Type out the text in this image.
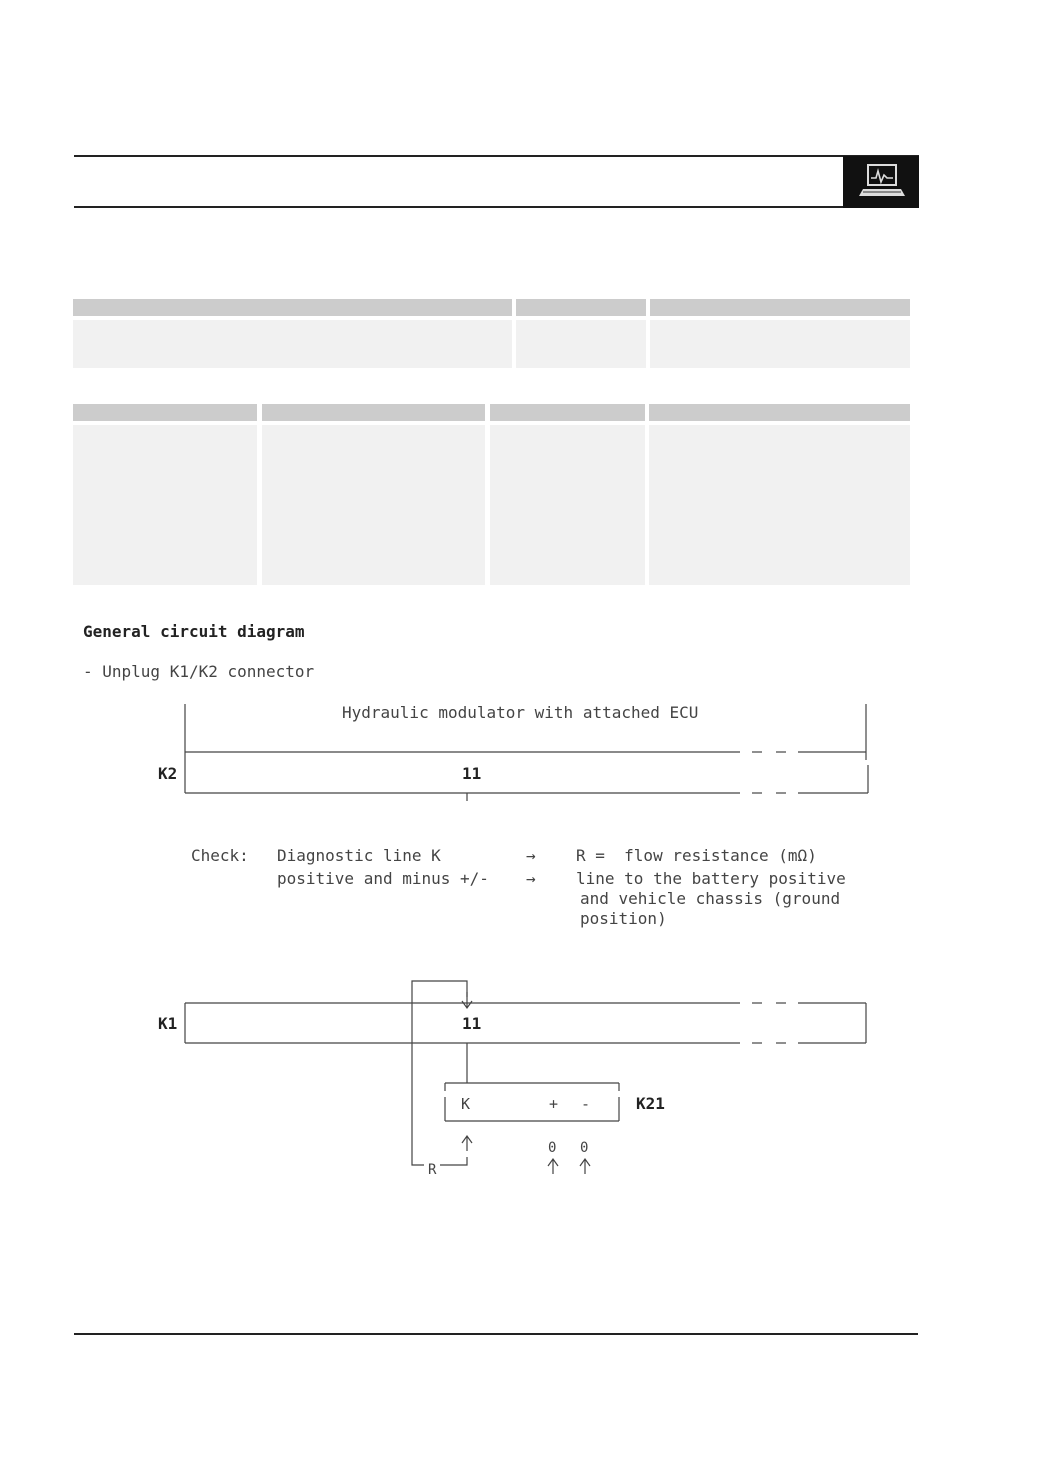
General circuit diagram
- Unplug K1/K2 connector
Hydraulic modulator with attached ECU
K2	11
K1	11
K	+ -	K21
R
0 0
Check: Diagnostic line K	→	R =  flow resistance (mΩ)
positive and minus +/- →	line to the battery positive
and vehicle chassis (ground
position)
